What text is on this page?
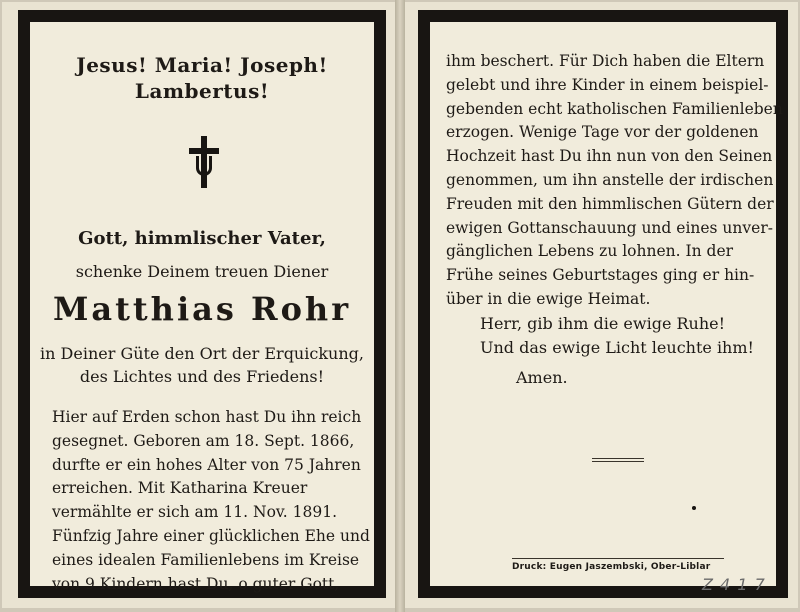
Jesus! Maria! Joseph!
Lambertus!
Gott, himmlischer Vater,
schenke Deinem treuen Diener
Matthias Rohr
in Deiner Güte den Ort der Erquickung,
des Lichtes und des Friedens!
Hier auf Erden schon hast Du ihn reich
gesegnet. Geboren am 18. Sept. 1866,
durfte er ein hohes Alter von 75 Jahren
erreichen. Mit Katharina Kreuer
vermählte er sich am 11. Nov. 1891.
Fünfzig Jahre einer glücklichen Ehe und
eines idealen Familienlebens im Kreise
von 9 Kindern hast Du, o guter Gott,
ihm beschert. Für Dich haben die Eltern
gelebt und ihre Kinder in einem beispiel-
gebenden echt katholischen Familienleben
erzogen. Wenige Tage vor der goldenen
Hochzeit hast Du ihn nun von den Seinen
genommen, um ihn anstelle der irdischen
Freuden mit den himmlischen Gütern der
ewigen Gottanschauung und eines unver-
gänglichen Lebens zu lohnen. In der
Frühe seines Geburtstages ging er hin-
über in die ewige Heimat.
Herr, gib ihm die ewige Ruhe!
Und das ewige Licht leuchte ihm!
Amen.
Druck: Eugen Jaszembski, Ober-Liblar
Z 4 1 7
